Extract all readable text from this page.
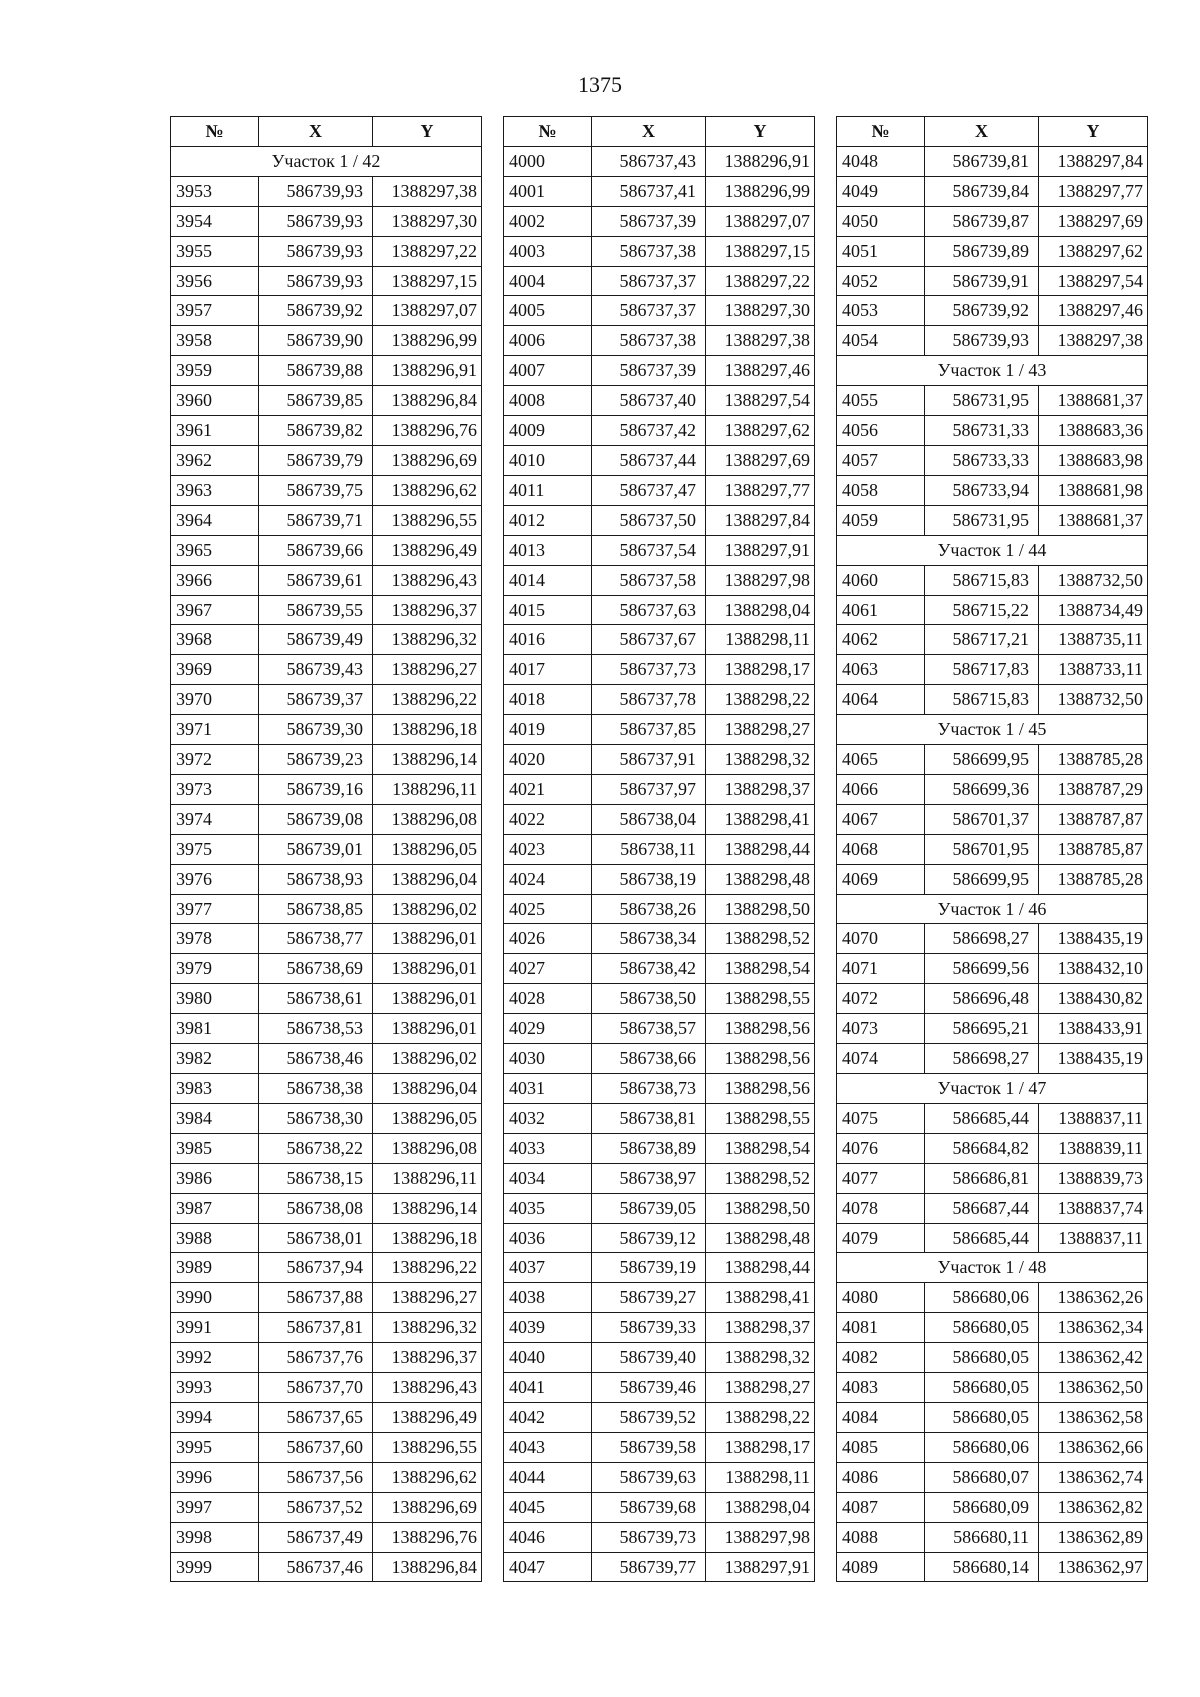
1375
№	X	Y
Участок 1 / 42		
3953	586739,93	1388297,38
3954	586739,93	1388297,30
3955	586739,93	1388297,22
3956	586739,93	1388297,15
3957	586739,92	1388297,07
3958	586739,90	1388296,99
3959	586739,88	1388296,91
3960	586739,85	1388296,84
3961	586739,82	1388296,76
3962	586739,79	1388296,69
3963	586739,75	1388296,62
3964	586739,71	1388296,55
3965	586739,66	1388296,49
3966	586739,61	1388296,43
3967	586739,55	1388296,37
3968	586739,49	1388296,32
3969	586739,43	1388296,27
3970	586739,37	1388296,22
3971	586739,30	1388296,18
3972	586739,23	1388296,14
3973	586739,16	1388296,11
3974	586739,08	1388296,08
3975	586739,01	1388296,05
3976	586738,93	1388296,04
3977	586738,85	1388296,02
3978	586738,77	1388296,01
3979	586738,69	1388296,01
3980	586738,61	1388296,01
3981	586738,53	1388296,01
3982	586738,46	1388296,02
3983	586738,38	1388296,04
3984	586738,30	1388296,05
3985	586738,22	1388296,08
3986	586738,15	1388296,11
3987	586738,08	1388296,14
3988	586738,01	1388296,18
3989	586737,94	1388296,22
3990	586737,88	1388296,27
3991	586737,81	1388296,32
3992	586737,76	1388296,37
3993	586737,70	1388296,43
3994	586737,65	1388296,49
3995	586737,60	1388296,55
3996	586737,56	1388296,62
3997	586737,52	1388296,69
3998	586737,49	1388296,76
3999	586737,46	1388296,84
№	X	Y
4000	586737,43	1388296,91
4001	586737,41	1388296,99
4002	586737,39	1388297,07
4003	586737,38	1388297,15
4004	586737,37	1388297,22
4005	586737,37	1388297,30
4006	586737,38	1388297,38
4007	586737,39	1388297,46
4008	586737,40	1388297,54
4009	586737,42	1388297,62
4010	586737,44	1388297,69
4011	586737,47	1388297,77
4012	586737,50	1388297,84
4013	586737,54	1388297,91
4014	586737,58	1388297,98
4015	586737,63	1388298,04
4016	586737,67	1388298,11
4017	586737,73	1388298,17
4018	586737,78	1388298,22
4019	586737,85	1388298,27
4020	586737,91	1388298,32
4021	586737,97	1388298,37
4022	586738,04	1388298,41
4023	586738,11	1388298,44
4024	586738,19	1388298,48
4025	586738,26	1388298,50
4026	586738,34	1388298,52
4027	586738,42	1388298,54
4028	586738,50	1388298,55
4029	586738,57	1388298,56
4030	586738,66	1388298,56
4031	586738,73	1388298,56
4032	586738,81	1388298,55
4033	586738,89	1388298,54
4034	586738,97	1388298,52
4035	586739,05	1388298,50
4036	586739,12	1388298,48
4037	586739,19	1388298,44
4038	586739,27	1388298,41
4039	586739,33	1388298,37
4040	586739,40	1388298,32
4041	586739,46	1388298,27
4042	586739,52	1388298,22
4043	586739,58	1388298,17
4044	586739,63	1388298,11
4045	586739,68	1388298,04
4046	586739,73	1388297,98
4047	586739,77	1388297,91
№	X	Y
4048	586739,81	1388297,84
4049	586739,84	1388297,77
4050	586739,87	1388297,69
4051	586739,89	1388297,62
4052	586739,91	1388297,54
4053	586739,92	1388297,46
4054	586739,93	1388297,38
Участок 1 / 43		
4055	586731,95	1388681,37
4056	586731,33	1388683,36
4057	586733,33	1388683,98
4058	586733,94	1388681,98
4059	586731,95	1388681,37
Участок 1 / 44		
4060	586715,83	1388732,50
4061	586715,22	1388734,49
4062	586717,21	1388735,11
4063	586717,83	1388733,11
4064	586715,83	1388732,50
Участок 1 / 45		
4065	586699,95	1388785,28
4066	586699,36	1388787,29
4067	586701,37	1388787,87
4068	586701,95	1388785,87
4069	586699,95	1388785,28
Участок 1 / 46		
4070	586698,27	1388435,19
4071	586699,56	1388432,10
4072	586696,48	1388430,82
4073	586695,21	1388433,91
4074	586698,27	1388435,19
Участок 1 / 47		
4075	586685,44	1388837,11
4076	586684,82	1388839,11
4077	586686,81	1388839,73
4078	586687,44	1388837,74
4079	586685,44	1388837,11
Участок 1 / 48		
4080	586680,06	1386362,26
4081	586680,05	1386362,34
4082	586680,05	1386362,42
4083	586680,05	1386362,50
4084	586680,05	1386362,58
4085	586680,06	1386362,66
4086	586680,07	1386362,74
4087	586680,09	1386362,82
4088	586680,11	1386362,89
4089	586680,14	1386362,97
